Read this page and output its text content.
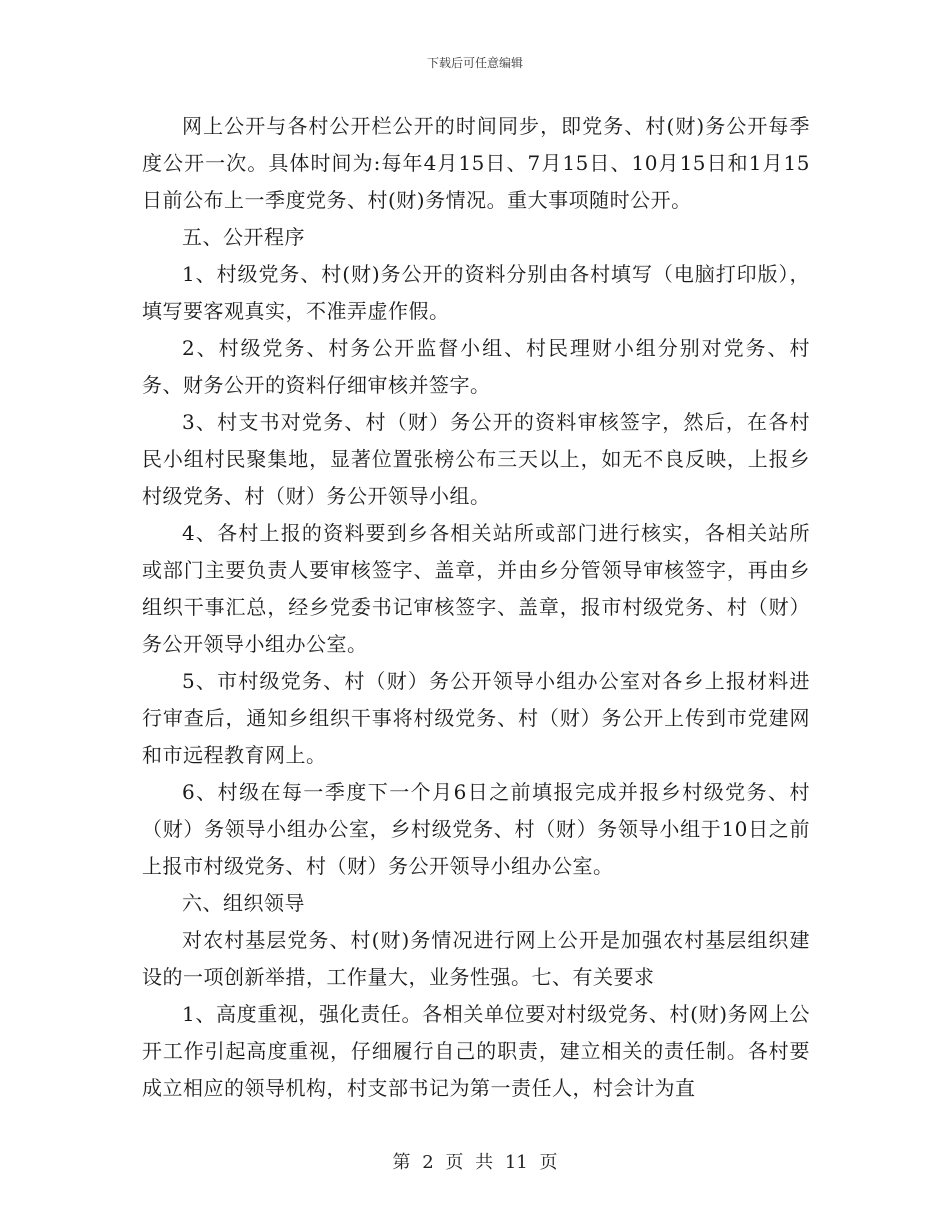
下载后可任意编辑

网上公开与各村公开栏公开的时间同步，即党务、村(财)务公开每季度公开一次。具体时间为:每年4月15日、7月15日、10月15日和1月15日前公布上一季度党务、村(财)务情况。重大事项随时公开。

五、公开程序

1、村级党务、村(财)务公开的资料分别由各村填写（电脑打印版），填写要客观真实，不准弄虚作假。

2、村级党务、村务公开监督小组、村民理财小组分别对党务、村务、财务公开的资料仔细审核并签字。

3、村支书对党务、村（财）务公开的资料审核签字，然后，在各村民小组村民聚集地，显著位置张榜公布三天以上，如无不良反映，上报乡村级党务、村（财）务公开领导小组。

4、各村上报的资料要到乡各相关站所或部门进行核实，各相关站所或部门主要负责人要审核签字、盖章，并由乡分管领导审核签字，再由乡组织干事汇总，经乡党委书记审核签字、盖章，报市村级党务、村（财）务公开领导小组办公室。

5、市村级党务、村（财）务公开领导小组办公室对各乡上报材料进行审查后，通知乡组织干事将村级党务、村（财）务公开上传到市党建网和市远程教育网上。

6、村级在每一季度下一个月6日之前填报完成并报乡村级党务、村（财）务领导小组办公室，乡村级党务、村（财）务领导小组于10日之前上报市村级党务、村（财）务公开领导小组办公室。

六、组织领导

对农村基层党务、村(财)务情况进行网上公开是加强农村基层组织建设的一项创新举措，工作量大，业务性强。七、有关要求

1、高度重视，强化责任。各相关单位要对村级党务、村(财)务网上公开工作引起高度重视，仔细履行自己的职责，建立相关的责任制。各村要成立相应的领导机构，村支部书记为第一责任人，村会计为直

第 2 页 共 11 页
